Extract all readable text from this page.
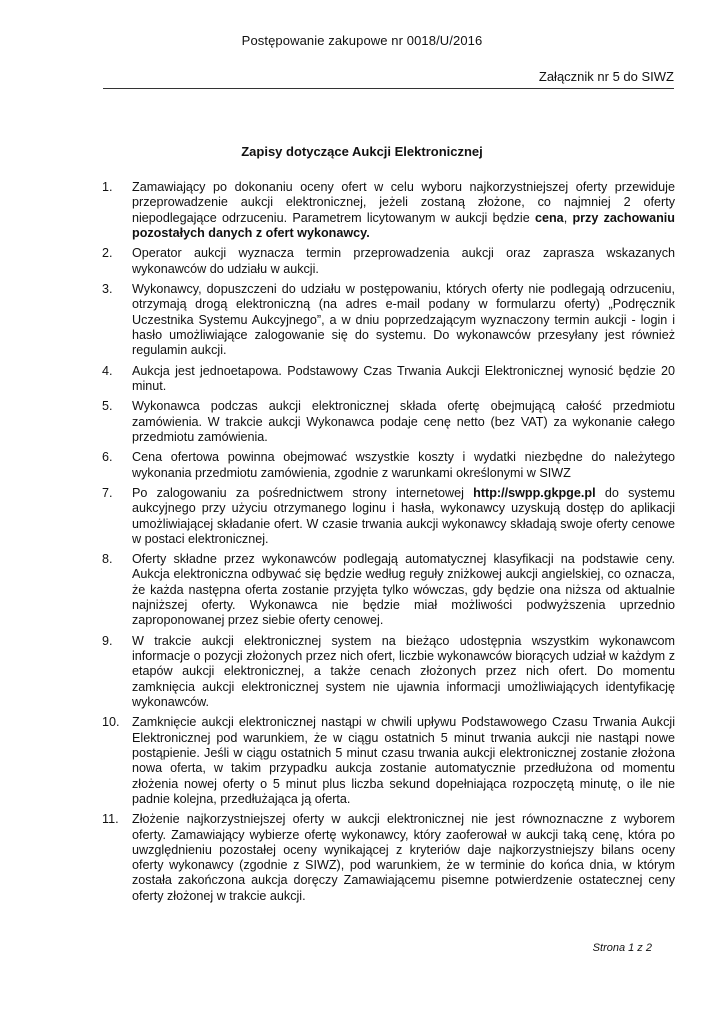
Postępowanie zakupowe nr 0018/U/2016
Załącznik nr 5 do SIWZ
Zapisy dotyczące Aukcji Elektronicznej
1.	Zamawiający po dokonaniu oceny ofert w celu wyboru najkorzystniejszej oferty przewiduje przeprowadzenie aukcji elektronicznej, jeżeli zostaną złożone, co najmniej 2 oferty niepodlegające odrzuceniu. Parametrem licytowanym w aukcji będzie cena, przy zachowaniu pozostałych danych z ofert wykonawcy.
2.	Operator aukcji wyznacza termin przeprowadzenia aukcji oraz zaprasza wskazanych wykonawców do udziału w aukcji.
3.	Wykonawcy, dopuszczeni do udziału w postępowaniu, których oferty nie podlegają odrzuceniu, otrzymają drogą elektroniczną (na adres e-mail podany w formularzu oferty) „Podręcznik Uczestnika Systemu Aukcyjnego”, a w dniu poprzedzającym wyznaczony termin aukcji - login i hasło umożliwiające zalogowanie się do systemu. Do wykonawców przesyłany jest również regulamin aukcji.
4.	Aukcja jest jednoetapowa. Podstawowy Czas Trwania Aukcji Elektronicznej wynosić będzie 20 minut.
5.	Wykonawca podczas aukcji elektronicznej składa ofertę obejmującą całość przedmiotu zamówienia. W trakcie aukcji Wykonawca podaje cenę netto (bez VAT) za wykonanie całego przedmiotu zamówienia.
6.	Cena ofertowa powinna obejmować wszystkie koszty i wydatki niezbędne do należytego wykonania przedmiotu zamówienia, zgodnie z warunkami określonymi w SIWZ
7.	Po zalogowaniu za pośrednictwem strony internetowej http://swpp.gkpge.pl do systemu aukcyjnego przy użyciu otrzymanego loginu i hasła, wykonawcy uzyskują dostęp do aplikacji umożliwiającej składanie ofert. W czasie trwania aukcji wykonawcy składają swoje oferty cenowe w postaci elektronicznej.
8.	Oferty składne przez wykonawców podlegają automatycznej klasyfikacji na podstawie ceny. Aukcja elektroniczna odbywać się będzie według reguły zniżkowej aukcji angielskiej, co oznacza, że każda następna oferta zostanie przyjęta tylko wówczas, gdy będzie ona niższa od aktualnie najniższej oferty. Wykonawca nie będzie miał możliwości podwyższenia uprzednio zaproponowanej przez siebie oferty cenowej.
9.	W trakcie aukcji elektronicznej system na bieżąco udostępnia wszystkim wykonawcom informacje o pozycji złożonych przez nich ofert, liczbie wykonawców biorących udział w każdym z etapów aukcji elektronicznej, a także cenach złożonych przez nich ofert. Do momentu zamknięcia aukcji elektronicznej system nie ujawnia informacji umożliwiających identyfikację wykonawców.
10. Zamknięcie aukcji elektronicznej nastąpi w chwili upływu Podstawowego Czasu Trwania Aukcji Elektronicznej pod warunkiem, że w ciągu ostatnich 5 minut trwania aukcji nie nastąpi nowe postąpienie. Jeśli w ciągu ostatnich 5 minut czasu trwania aukcji elektronicznej zostanie złożona nowa oferta, w takim przypadku aukcja zostanie automatycznie przedłużona od momentu złożenia nowej oferty o 5 minut plus liczba sekund dopełniająca rozpoczętą minutę, o ile nie padnie kolejna, przedłużająca ją oferta.
11.	Złożenie najkorzystniejszej oferty w aukcji elektronicznej nie jest równoznaczne z wyborem oferty. Zamawiający wybierze ofertę wykonawcy, który zaoferował w aukcji taką cenę, która po uwzględnieniu pozostałej oceny wynikającej z kryteriów daje najkorzystniejszy bilans oceny oferty wykonawcy (zgodnie z SIWZ), pod warunkiem, że w terminie do końca dnia, w którym została zakończona aukcja doręczy Zamawiającemu pisemne potwierdzenie ostatecznej ceny oferty złożonej w trakcie aukcji.
Strona 1 z 2
